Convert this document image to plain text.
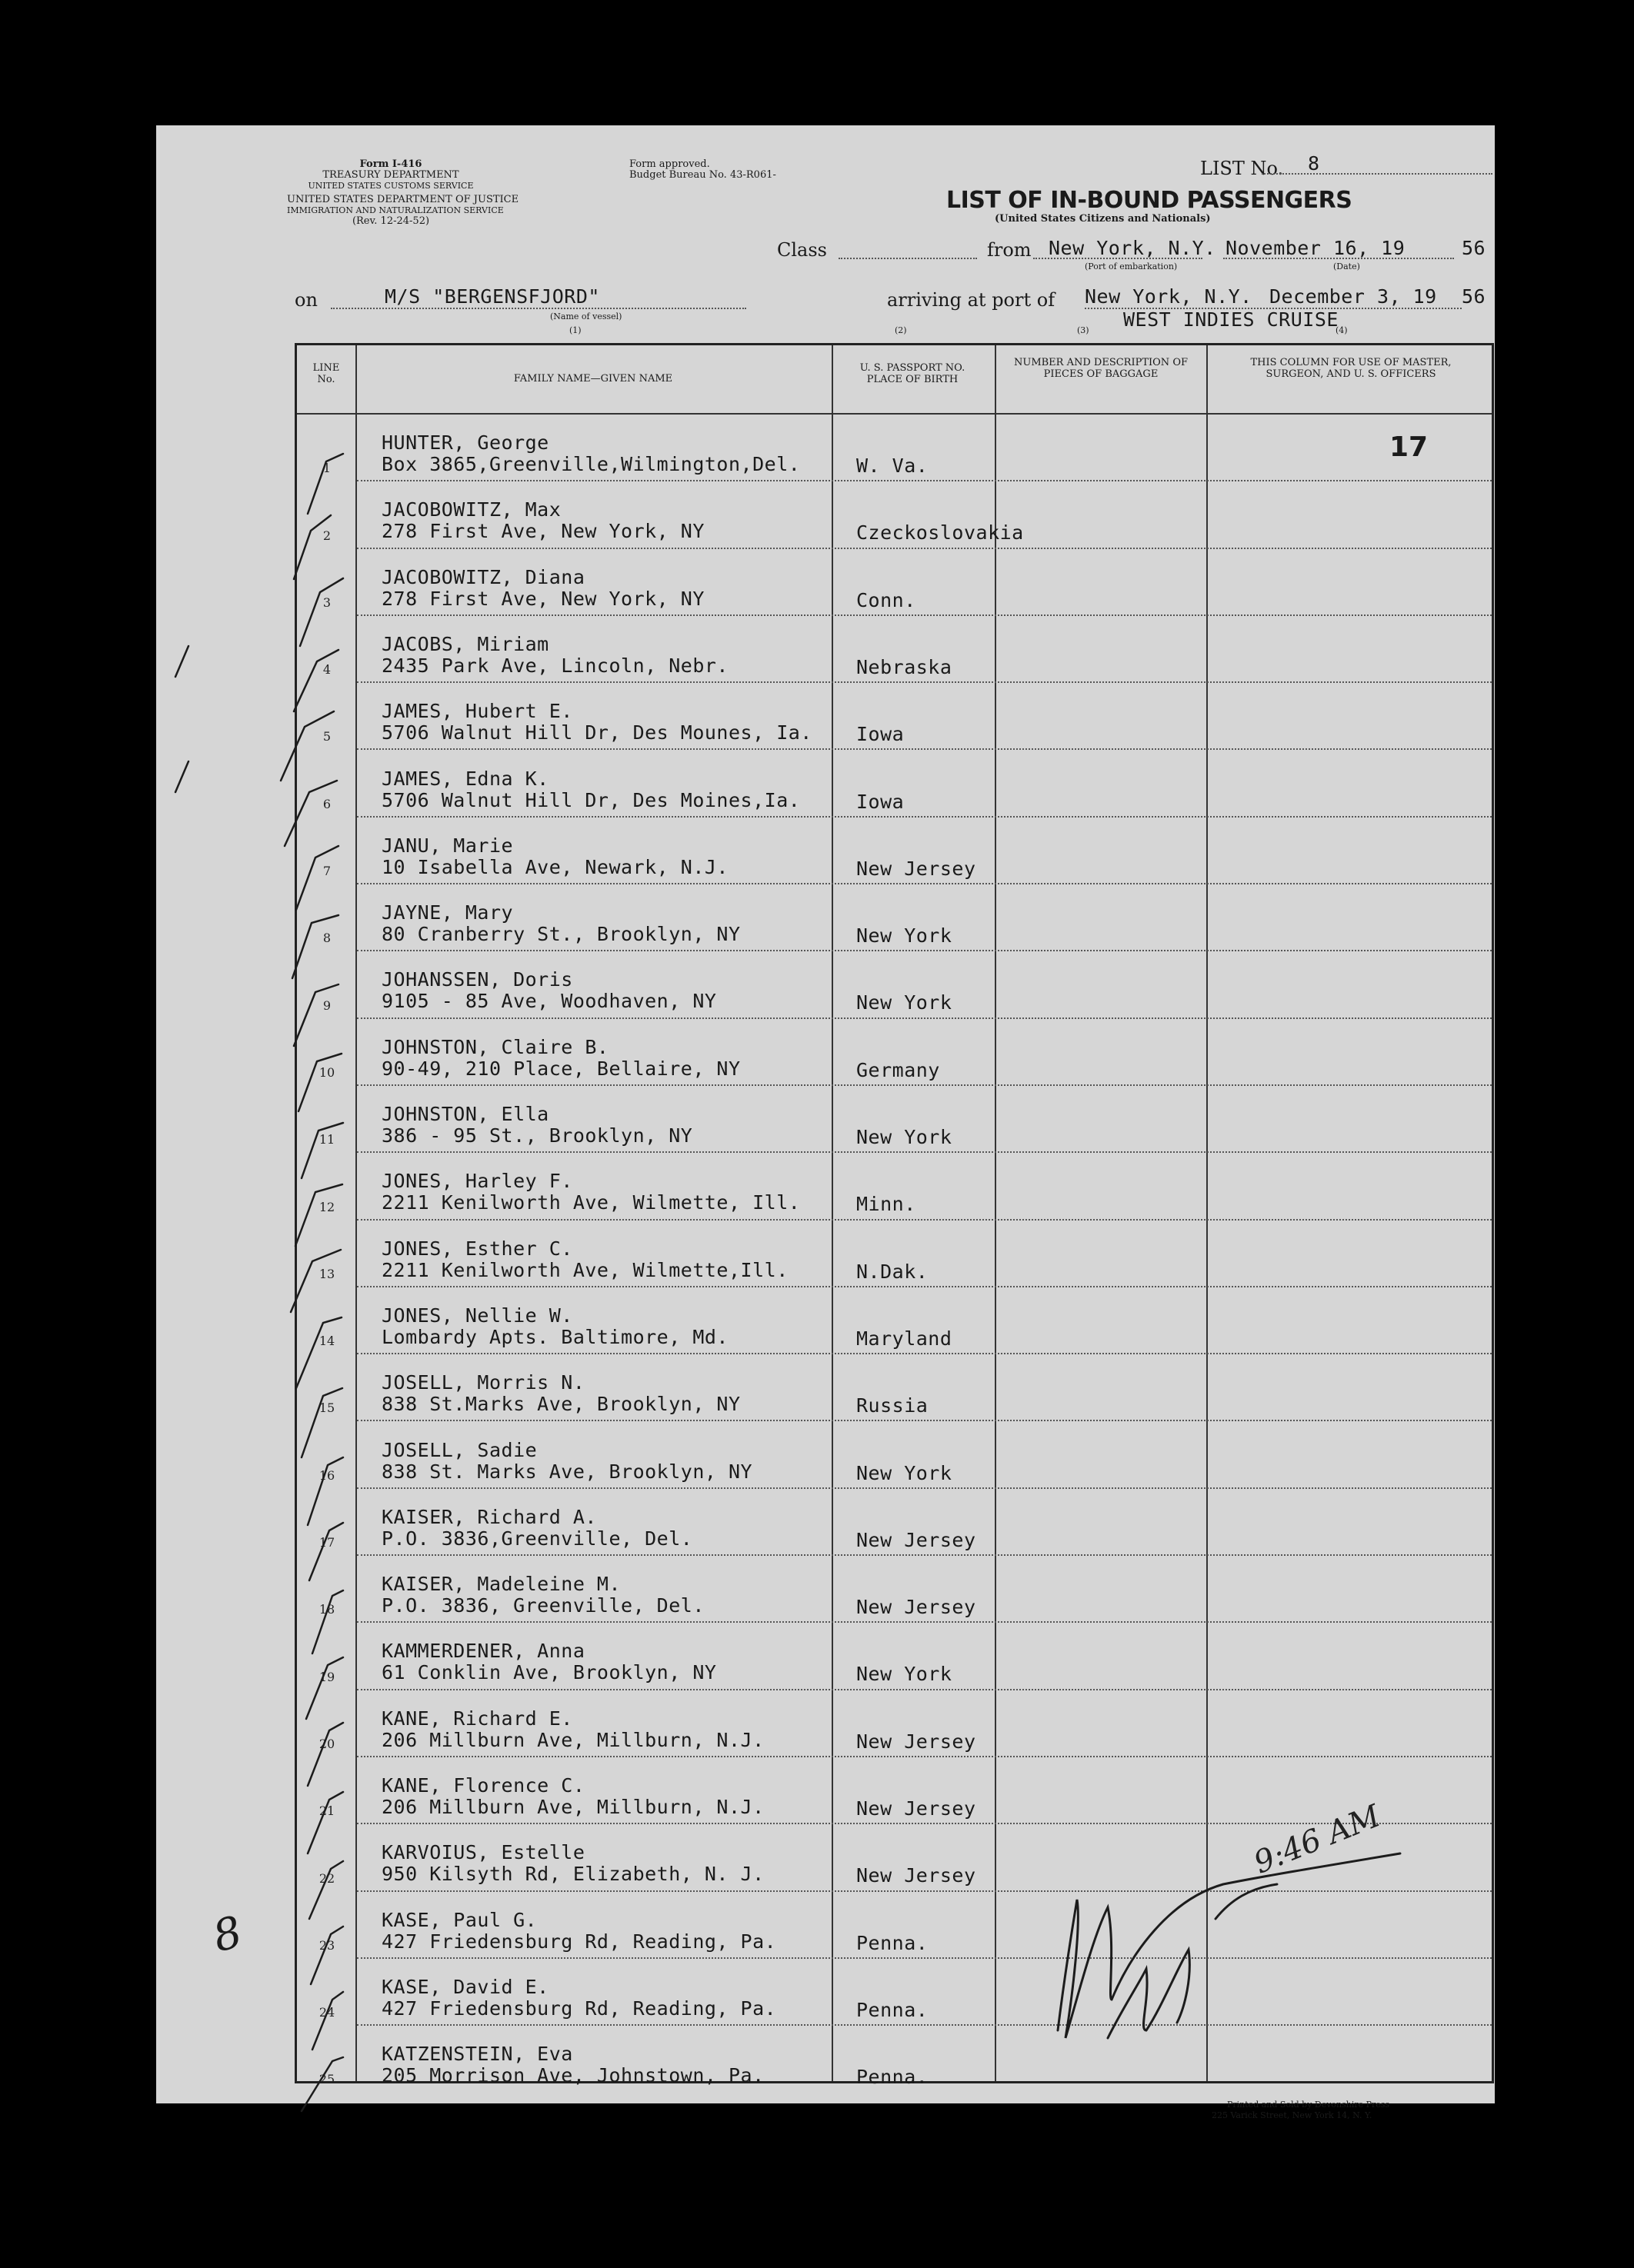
Form I-416
TREASURY DEPARTMENT
UNITED STATES CUSTOMS SERVICE
UNITED STATES DEPARTMENT OF JUSTICE
IMMIGRATION AND NATURALIZATION SERVICE
(Rev. 12-24-52)
Form approved.
Budget Bureau No. 43-R061-	LIST No. 8
LIST OF IN-BOUND PASSENGERS
(United States Citizens and Nationals)
Class	from New York, N.Y.
(Port of embarkation)
November 16, 19	56
(Date)
on	M/S "BERGENSFJORD"
(Name of vessel)
(1)	(2)	(3)	(4)
arriving at port of New York, N.Y. December 3, 19 56
WEST INDIES CRUISE
LINE No.	FAMILY NAME—GIVEN NAME
U. S. PASSPORT NO. PLACE OF BIRTH
NUMBER AND DESCRIPTION OF PIECES OF BAGGAGE
THIS COLUMN FOR USE OF MASTER, SURGEON, AND U. S. OFFICERS
1
HUNTER, George
Box 3865,Greenville,Wilmington,Del.	W. Va.
2
JACOBOWITZ, Max
278 First Ave, New York, NY	Czeckoslovakia
3
JACOBOWITZ, Diana
278 First Ave, New York, NY	Conn.
4
JACOBS, Miriam
2435 Park Ave, Lincoln, Nebr.	Nebraska
5
JAMES, Hubert E.
5706 Walnut Hill Dr, Des Mounes, Ia. Iowa
6
JAMES, Edna K.
5706 Walnut Hill Dr, Des Moines,Ia.	Iowa
7
JANU, Marie
10 Isabella Ave, Newark, N.J.	New Jersey
8
JAYNE, Mary
80 Cranberry St., Brooklyn, NY	New York
9
JOHANSSEN, Doris
9105 - 85 Ave, Woodhaven, NY	New York
10
JOHNSTON, Claire B.
90-49, 210 Place, Bellaire, NY	Germany
11
JOHNSTON, Ella
386 - 95 St., Brooklyn, NY	New York
12
JONES, Harley F.
2211 Kenilworth Ave, Wilmette, Ill.	Minn.
13
JONES, Esther C.
2211 Kenilworth Ave, Wilmette,Ill.	N.Dak.
14
JONES, Nellie W.
Lombardy Apts. Baltimore, Md.	Maryland
15
JOSELL, Morris N.
838 St.Marks Ave, Brooklyn, NY	Russia
16
JOSELL, Sadie
838 St. Marks Ave, Brooklyn, NY	New York
17
KAISER, Richard A.
P.O. 3836,Greenville, Del.	New Jersey
18
KAISER, Madeleine M.
P.O. 3836, Greenville, Del.	New Jersey
19
KAMMERDENER, Anna
61 Conklin Ave, Brooklyn, NY	New York
20
KANE, Richard E.
206 Millburn Ave, Millburn, N.J.	New Jersey
21
KANE, Florence C.
206 Millburn Ave, Millburn, N.J.	New Jersey
22
KARVOIUS, Estelle
950 Kilsyth Rd, Elizabeth, N. J.	New Jersey
23
KASE, Paul G.
427 Friedensburg Rd, Reading, Pa.	Penna.
24
KASE, David E.
427 Friedensburg Rd, Reading, Pa.	Penna.
25
KATZENSTEIN, Eva
205 Morrison Ave, Johnstown, Pa.	Penna.
17
9:46 AM
Printed and Sold by Devonshire Press
225 Varick Street, New York 14, N. Y.
8
